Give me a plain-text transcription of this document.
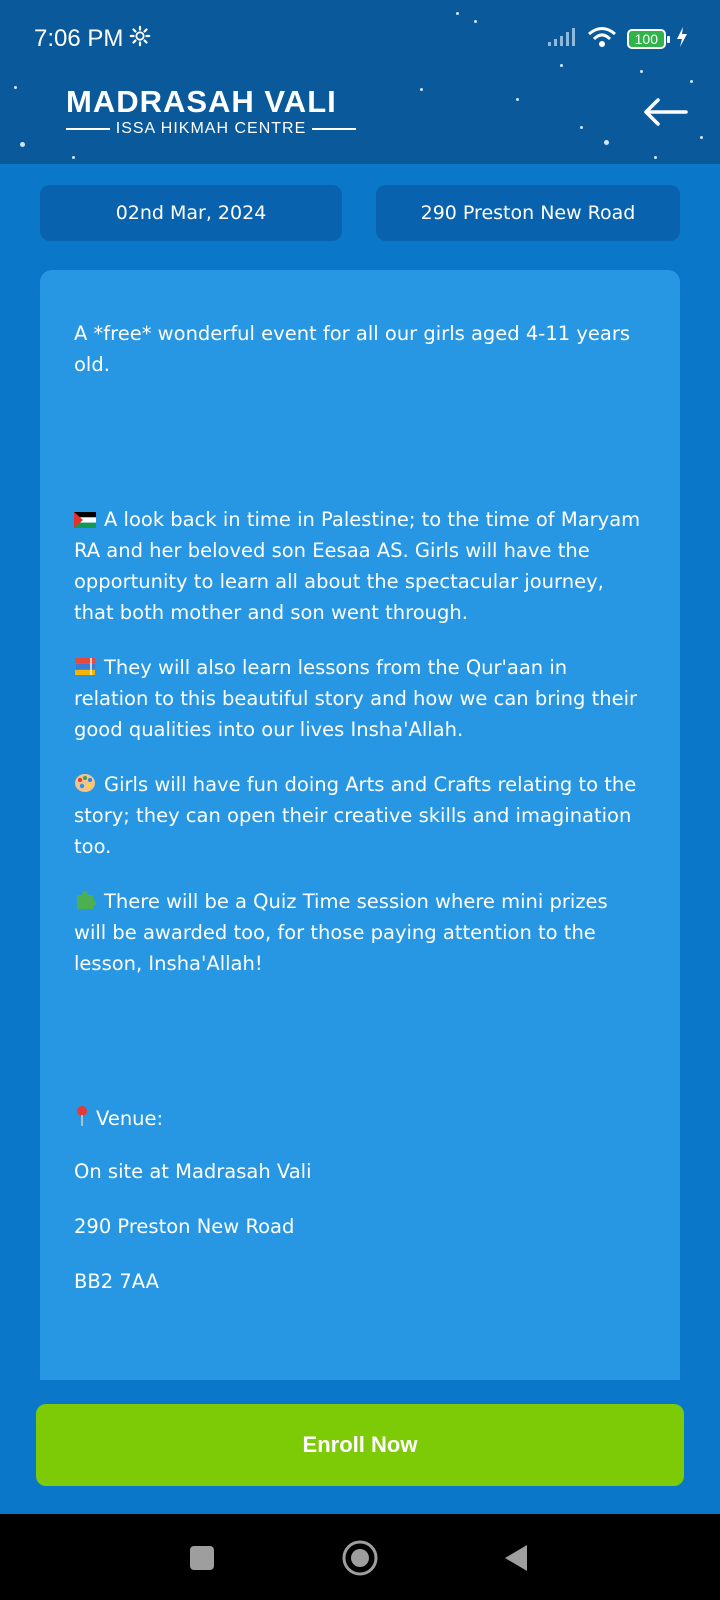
7:06 PM	100
MADRASAH VALI
ISSA HIKMAH CENTRE
02nd Mar, 2024	290 Preston New Road

A *free* wonderful event for all our girls aged 4-11 years old.

A look back in time in Palestine; to the time of Maryam RA and her beloved son Eesaa AS. Girls will have the opportunity to learn all about the spectacular journey, that both mother and son went through.

They will also learn lessons from the Qur'aan in relation to this beautiful story and how we can bring their good qualities into our lives Insha'Allah.

Girls will have fun doing Arts and Crafts relating to the story; they can open their creative skills and imagination too.

There will be a Quiz Time session where mini prizes will be awarded too, for those paying attention to the lesson, Insha'Allah!

Venue:

On site at Madrasah Vali

290 Preston New Road

BB2 7AA

Enroll Now
